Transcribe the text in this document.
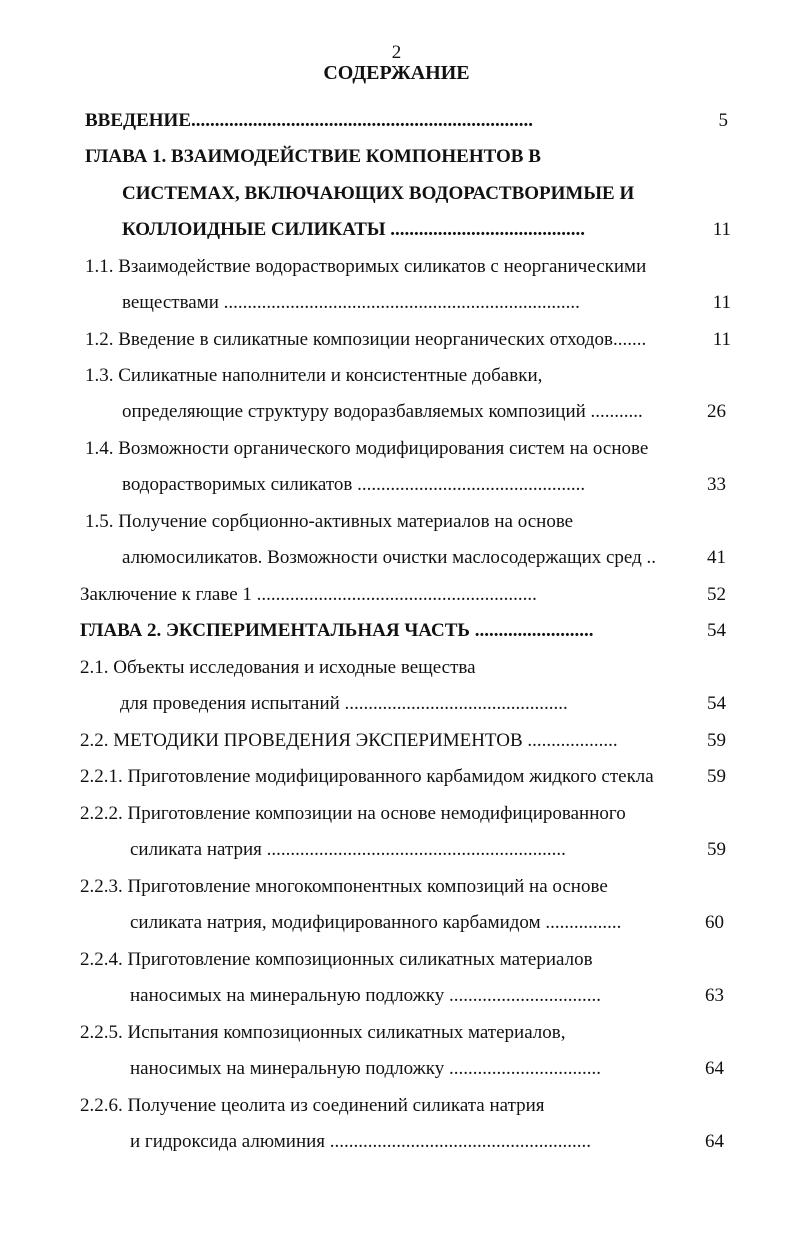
2
СОДЕРЖАНИЕ

ВВЕДЕНИЕ........................................................................	5

ГЛАВА 1. ВЗАИМОДЕЙСТВИЕ КОМПОНЕНТОВ В

СИСТЕМАХ, ВКЛЮЧАЮЩИХ ВОДОРАСТВОРИМЫЕ И

КОЛЛОИДНЫЕ СИЛИКАТЫ .........................................	11

1.1. Взаимодействие водорастворимых силикатов с неорганическими

веществами ...........................................................................	11

1.2. Введение в силикатные композиции неорганических отходов.......	11

1.3. Силикатные наполнители и консистентные добавки,

определяющие структуру водоразбавляемых композиций ...........	26

1.4. Возможности органического модифицирования систем на основе

водорастворимых силикатов ................................................	33

1.5. Получение сорбционно-активных материалов на основе

алюмосиликатов. Возможности очистки маслосодержащих сред ..	41

Заключение к главе 1 ...........................................................	52

ГЛАВА 2. ЭКСПЕРИМЕНТАЛЬНАЯ ЧАСТЬ .........................	54

2.1. Объекты исследования и исходные вещества

для проведения испытаний ...............................................	54

2.2. МЕТОДИКИ ПРОВЕДЕНИЯ ЭКСПЕРИМЕНТОВ ...................	59

2.2.1. Приготовление модифицированного карбамидом жидкого стекла	59

2.2.2. Приготовление композиции на основе немодифицированного

силиката натрия ...............................................................	59

2.2.3. Приготовление многокомпонентных композиций на основе

силиката натрия, модифицированного карбамидом ................	60

2.2.4. Приготовление композиционных силикатных материалов

наносимых на минеральную подложку ................................	63

2.2.5. Испытания композиционных силикатных материалов,

наносимых на минеральную подложку ................................	64

2.2.6. Получение цеолита из соединений силиката натрия

и гидроксида алюминия .......................................................	64
